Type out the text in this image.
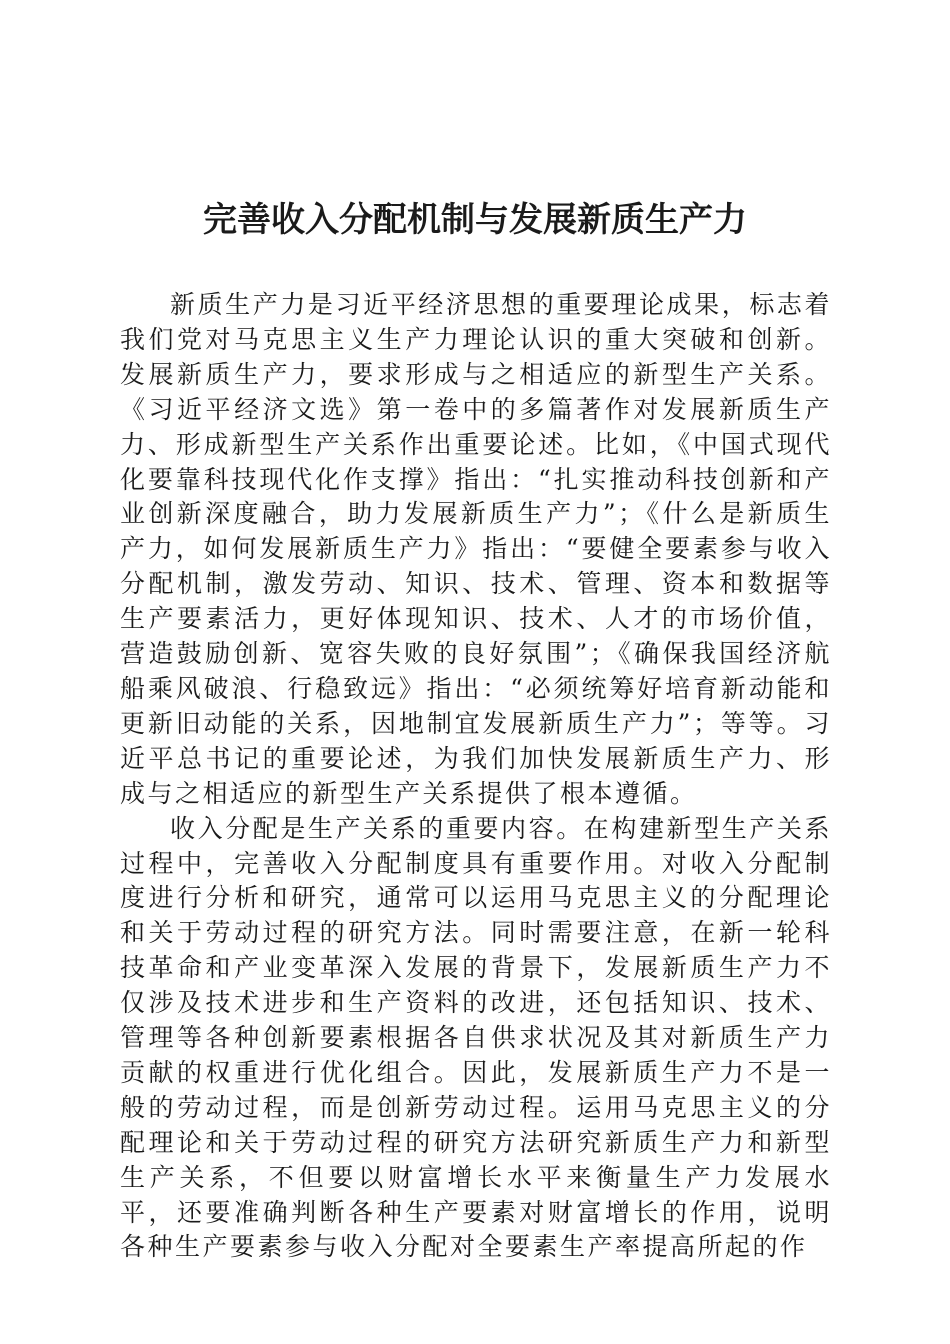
完善收入分配机制与发展新质生产力

新质生产力是习近平经济思想的重要理论成果，标志着我们党对马克思主义生产力理论认识的重大突破和创新。发展新质生产力，要求形成与之相适应的新型生产关系。《习近平经济文选》第一卷中的多篇著作对发展新质生产力、形成新型生产关系作出重要论述。比如，《中国式现代化要靠科技现代化作支撑》指出：“扎实推动科技创新和产业创新深度融合，助力发展新质生产力”；《什么是新质生产力，如何发展新质生产力》指出：“要健全要素参与收入分配机制，激发劳动、知识、技术、管理、资本和数据等生产要素活力，更好体现知识、技术、人才的市场价值，营造鼓励创新、宽容失败的良好氛围”；《确保我国经济航船乘风破浪、行稳致远》指出：“必须统筹好培育新动能和更新旧动能的关系，因地制宜发展新质生产力”；等等。习近平总书记的重要论述，为我们加快发展新质生产力、形成与之相适应的新型生产关系提供了根本遵循。

收入分配是生产关系的重要内容。在构建新型生产关系过程中，完善收入分配制度具有重要作用。对收入分配制度进行分析和研究，通常可以运用马克思主义的分配理论和关于劳动过程的研究方法。同时需要注意，在新一轮科技革命和产业变革深入发展的背景下，发展新质生产力不仅涉及技术进步和生产资料的改进，还包括知识、技术、管理等各种创新要素根据各自供求状况及其对新质生产力贡献的权重进行优化组合。因此，发展新质生产力不是一般的劳动过程，而是创新劳动过程。运用马克思主义的分配理论和关于劳动过程的研究方法研究新质生产力和新型生产关系，不但要以财富增长水平来衡量生产力发展水平，还要准确判断各种生产要素对财富增长的作用，说明各种生产要素参与收入分配对全要素生产率提高所起的作
